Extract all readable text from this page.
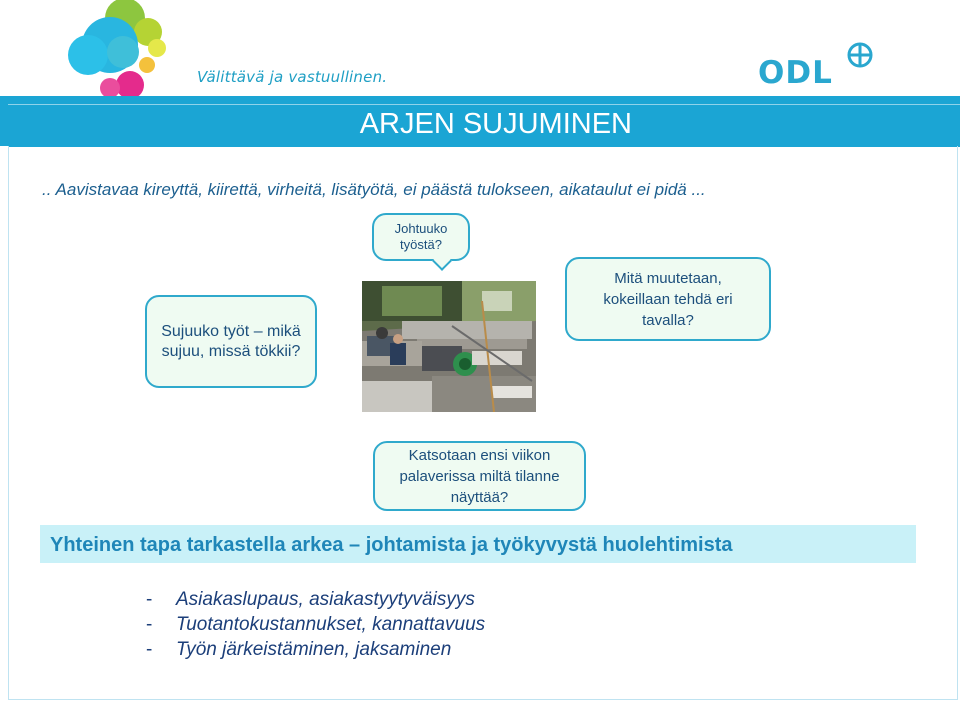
Välittävä ja vastuullinen.	ODL
ARJEN SUJUMINEN
.. Aavistavaa kireyttä, kiirettä, virheitä, lisätyötä, ei päästä tulokseen, aikataulut ei pidä ...
Sujuuko työt – mikä sujuu, missä tökkii?
Johtuuko työstä?
Mitä muutetaan, kokeillaan tehdä eri tavalla?
Katsotaan ensi viikon palaverissa miltä tilanne näyttää?
Yhteinen tapa tarkastella arkea – johtamista ja työkyvystä huolehtimista
- Asiakaslupaus, asiakastyytyväisyys
- Tuotantokustannukset, kannattavuus
- Työn järkeistäminen, jaksaminen
